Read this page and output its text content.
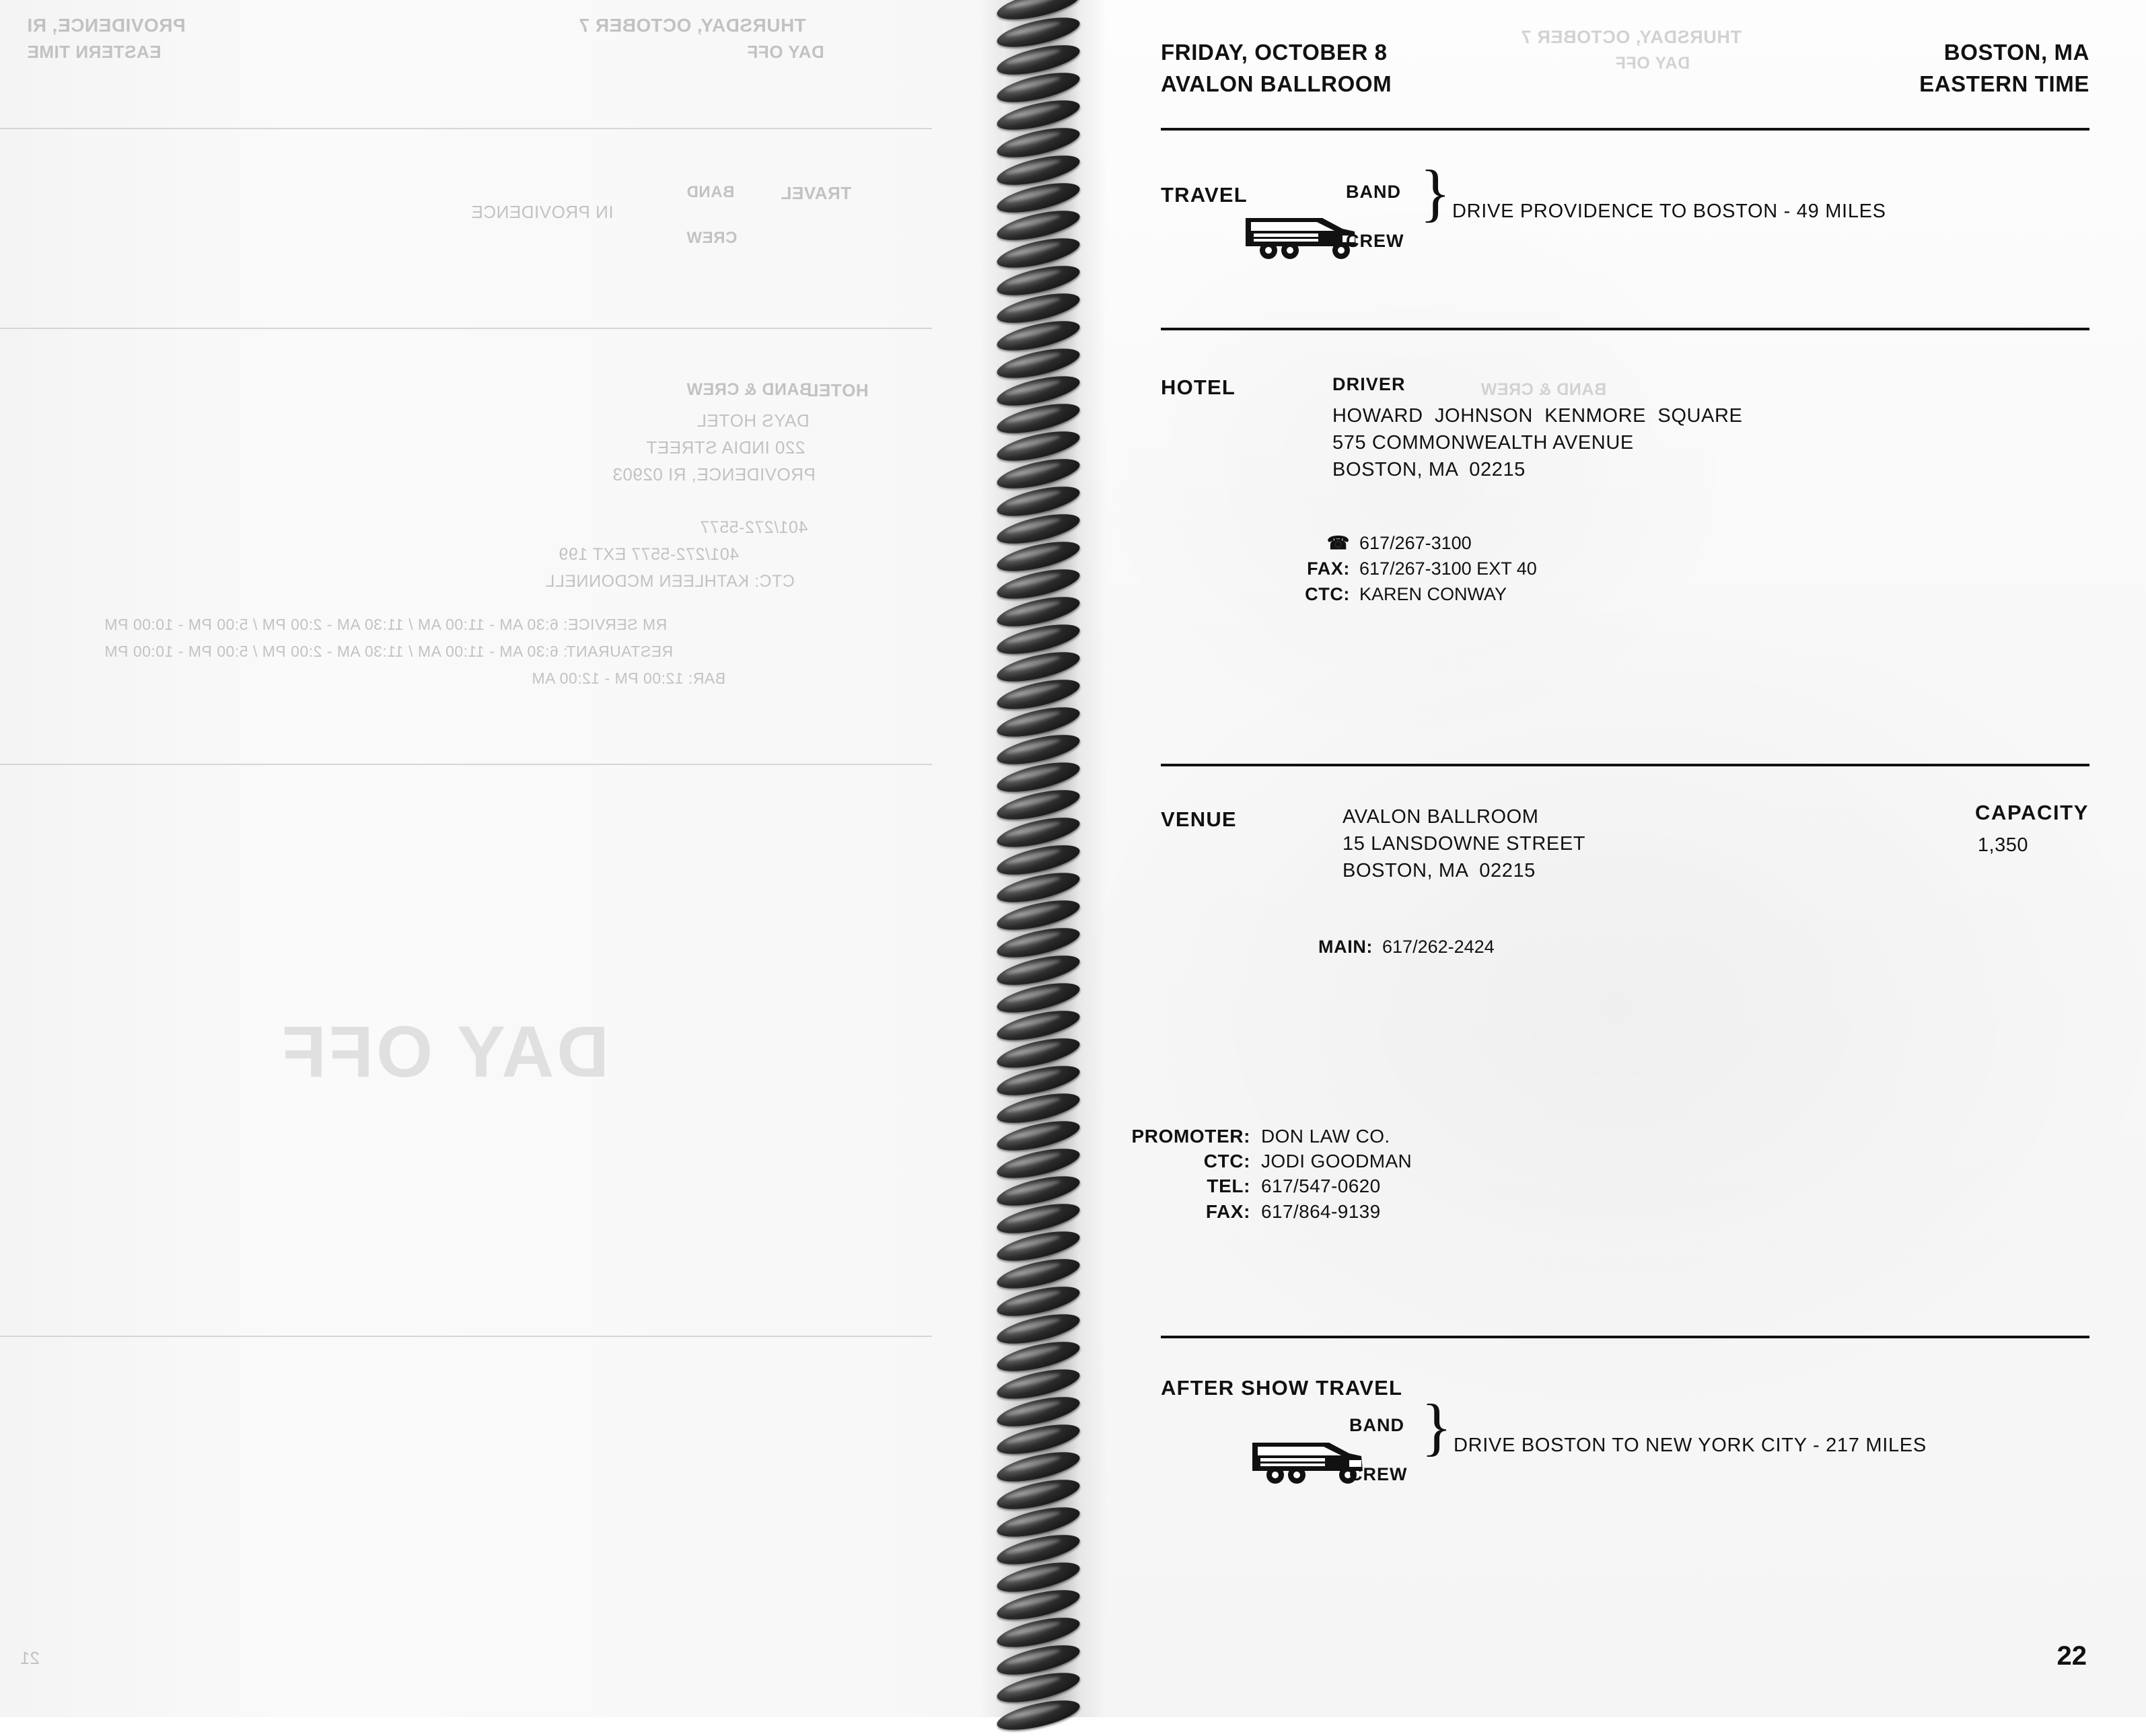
PROVIDENCE, RI
EASTERN TIME
THURSDAY, OCTOBER 7
DAY OFF
TRAVEL
BAND
CREW
IN PROVIDENCE
HOTEL
BAND & CREW
DAYS HOTEL
220 INDIA STREET
PROVIDENCE, RI 02903
401/272-5577
401/272-5577 EXT 199
CTC: KATHLEEN MCDONNELL
RM SERVICE: 6:30 AM - 11:00 AM / 11:30 AM - 2:00 PM / 5:00 PM - 10:00 PM
RESTAURANT: 6:30 AM - 11:00 AM / 11:30 AM - 2:00 PM / 5:00 PM - 10:00 PM
BAR: 12:00 PM - 12:00 AM
DAY OFF
21
THURSDAY, OCTOBER 7
DAY OFF
BAND & CREW
FRIDAY, OCTOBER 8
AVALON BALLROOM
BOSTON, MA
EASTERN TIME
TRAVEL	BAND
CREW
} DRIVE PROVIDENCE TO BOSTON - 49 MILES
HOTEL	DRIVER
HOWARD  JOHNSON  KENMORE  SQUARE
575 COMMONWEALTH AVENUE
BOSTON, MA  02215

☎ 617/267-3100

FAX: 617/267-3100 EXT 40

CTC: KAREN CONWAY

VENUE	AVALON BALLROOM
15 LANSDOWNE STREET
BOSTON, MA  02215

MAIN: 617/262-2424

CAPACITY
1,350
PROMOTER: DON LAW CO.
CTC: JODI GOODMAN
TEL: 617/547-0620
FAX: 617/864-9139
AFTER SHOW TRAVEL
BAND
CREW
} DRIVE BOSTON TO NEW YORK CITY - 217 MILES
22
